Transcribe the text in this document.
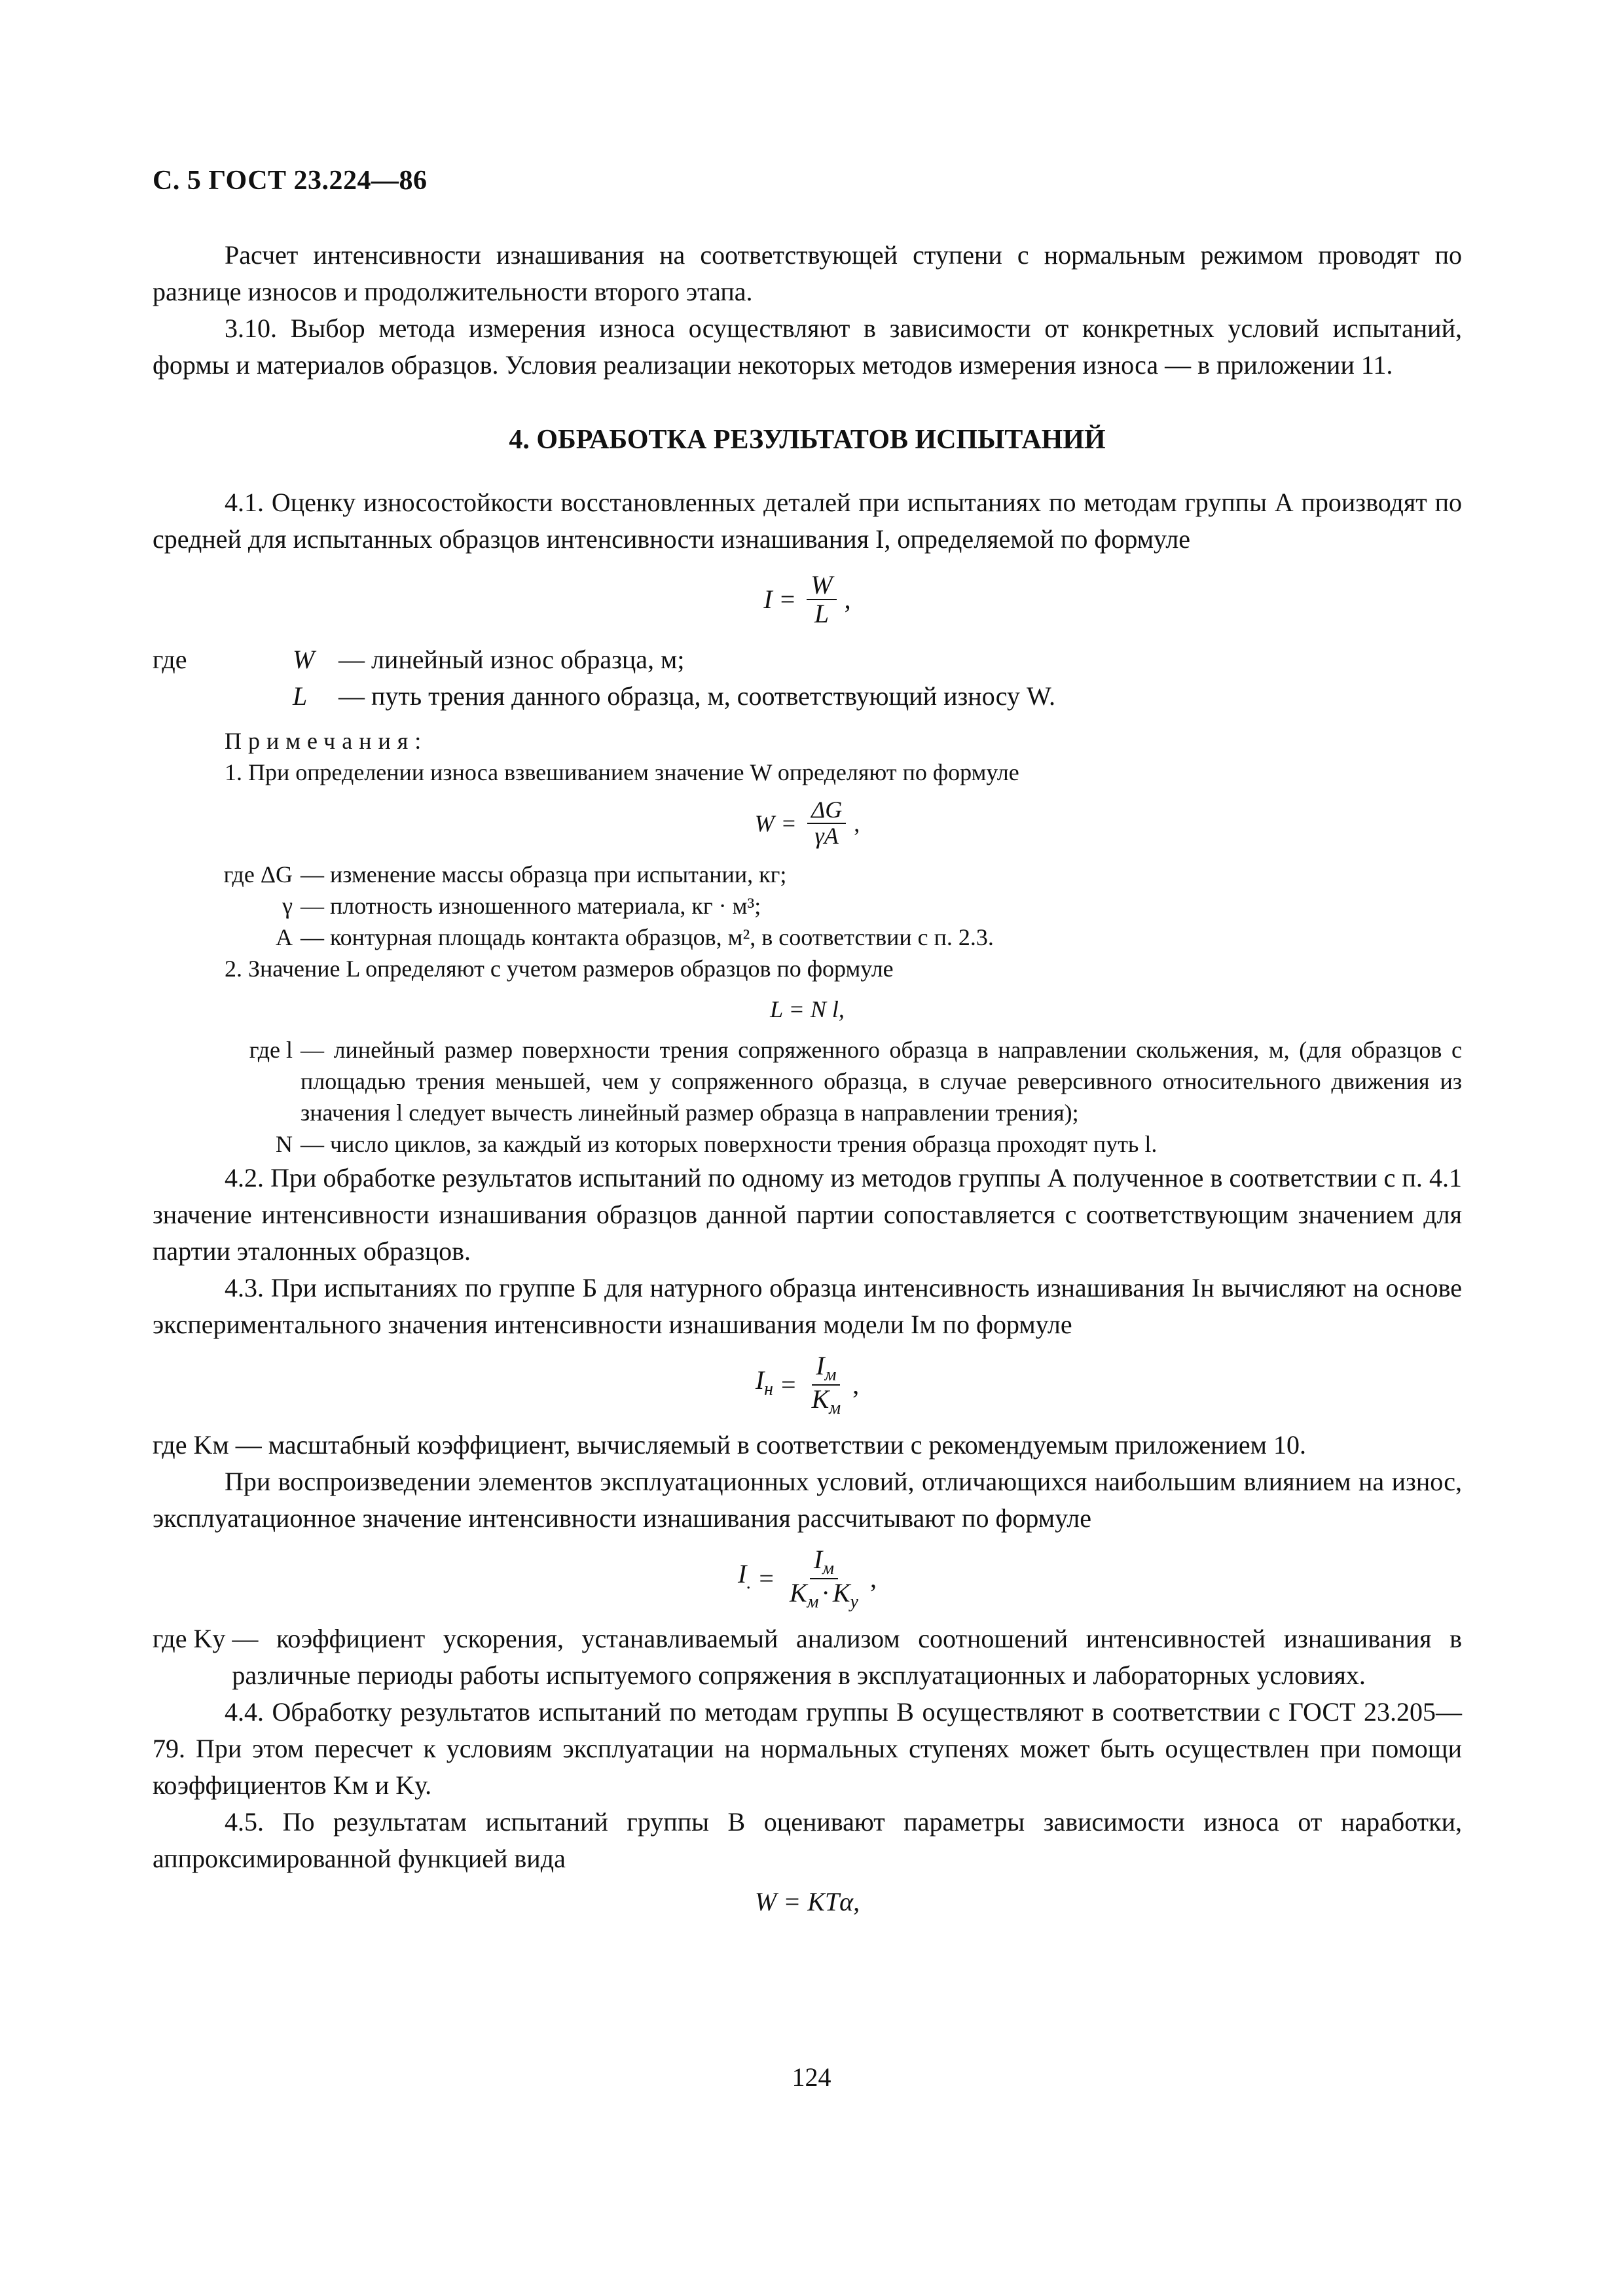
С. 5 ГОСТ 23.224—86

Расчет интенсивности изнашивания на соответствующей ступени с нормальным режимом проводят по разнице износов и продолжительности второго этапа.

3.10. Выбор метода измерения износа осуществляют в зависимости от конкретных условий испытаний, формы и материалов образцов. Условия реализации некоторых методов измерения износа — в приложении 11.

4. ОБРАБОТКА РЕЗУЛЬТАТОВ ИСПЫТАНИЙ

4.1. Оценку износостойкости восстановленных деталей при испытаниях по методам группы А производят по средней для испытанных образцов интенсивности изнашивания I, определяемой по формуле

$I = \frac{W}{L}$ ,
где	W — линейный износ образца, м;
L	— путь трения данного образца, м, соответствующий износу W.
Примечания:

1. При определении износа взвешиванием значение W определяют по формуле

$W = \frac{\Delta G}{\gamma A}$ ,
где ΔG — изменение массы образца при испытании, кг;
γ — плотность изношенного материала, кг · м³;
A — контурная площадь контакта образцов, м², в соответствии с п. 2.3.

2. Значение L определяют с учетом размеров образцов по формуле

L = N l,
где l — линейный размер поверхности трения сопряженного образца в направлении скольжения, м, (для образцов с площадью трения меньшей, чем у сопряженного образца, в случае реверсивного относительного движения из значения l следует вычесть линейный размер образца в направлении трения);
N — число циклов, за каждый из которых поверхности трения образца проходят путь l.

4.2. При обработке результатов испытаний по одному из методов группы А полученное в соответствии с п. 4.1 значение интенсивности изнашивания образцов данной партии сопоставляется с соответствующим значением для партии эталонных образцов.

4.3. При испытаниях по группе Б для натурного образца интенсивность изнашивания Iн вычисляют на основе экспериментального значения интенсивности изнашивания модели Iм по формуле

$I_н = \frac{I_м}{K_м}$ ,
где Kм — масштабный коэффициент, вычисляемый в соответствии с рекомендуемым приложением 10.

При воспроизведении элементов эксплуатационных условий, отличающихся наибольшим влиянием на износ, эксплуатационное значение интенсивности изнашивания рассчитывают по формуле

$I_. = \frac{I_м}{K_м \cdot K_у}$ ,
где Kу — коэффициент ускорения, устанавливаемый анализом соотношений интенсивностей изнашивания в различные периоды работы испытуемого сопряжения в эксплуатационных и лабораторных условиях.

4.4. Обработку результатов испытаний по методам группы В осуществляют в соответствии с ГОСТ 23.205—79. При этом пересчет к условиям эксплуатации на нормальных ступенях может быть осуществлен при помощи коэффициентов Kм и Kу.

4.5. По результатам испытаний группы В оценивают параметры зависимости износа от наработки, аппроксимированной функцией вида

W = KTα,
124
